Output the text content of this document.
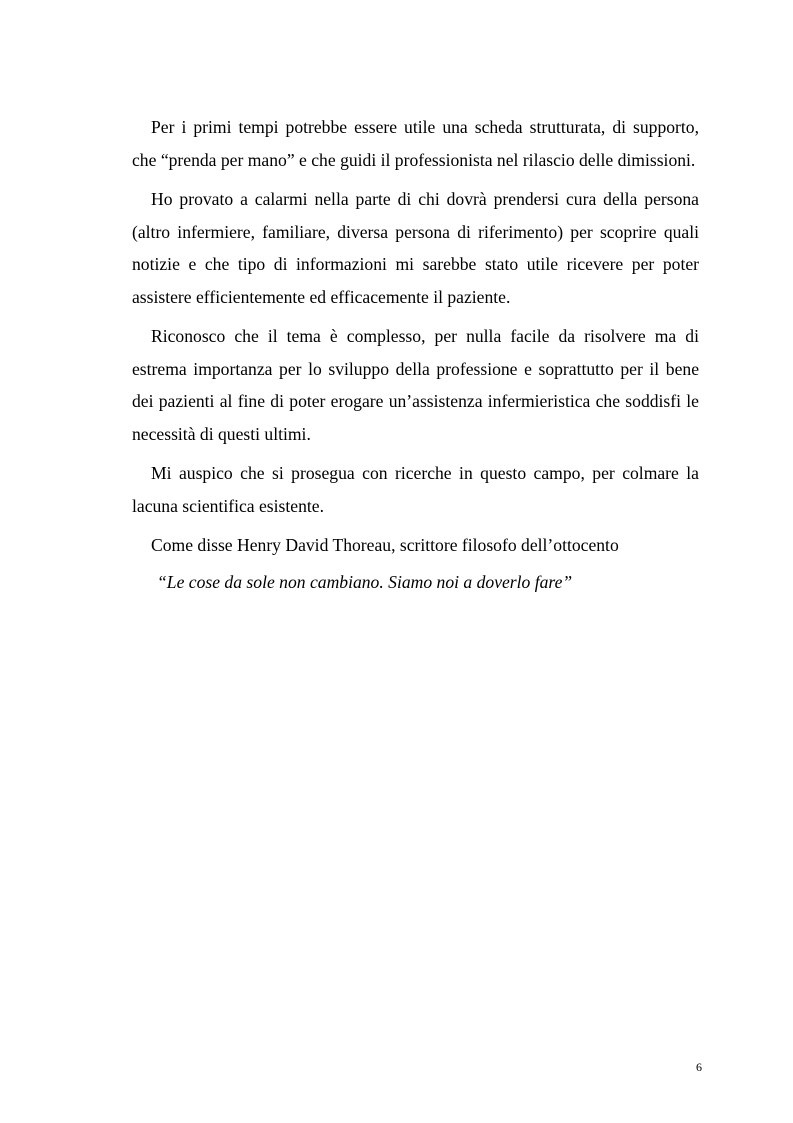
Per i primi tempi potrebbe essere utile una scheda strutturata, di supporto, che “prenda per mano” e che guidi il professionista nel rilascio delle dimissioni.

Ho provato a calarmi nella parte di chi dovrà prendersi cura della persona (altro infermiere, familiare, diversa persona di riferimento) per scoprire quali notizie e che tipo di informazioni mi sarebbe stato utile ricevere per poter assistere efficientemente ed efficacemente il paziente.

Riconosco che il tema è complesso, per nulla facile da risolvere ma di estrema importanza per lo sviluppo della professione e soprattutto per il bene dei pazienti al fine di poter erogare un’assistenza infermieristica che soddisfi le necessità di questi ultimi.

Mi auspico che si prosegua con ricerche in questo campo, per colmare la lacuna scientifica esistente.

Come disse Henry David Thoreau, scrittore filosofo dell’ottocento

“Le cose da sole non cambiano. Siamo noi a doverlo fare”

6
